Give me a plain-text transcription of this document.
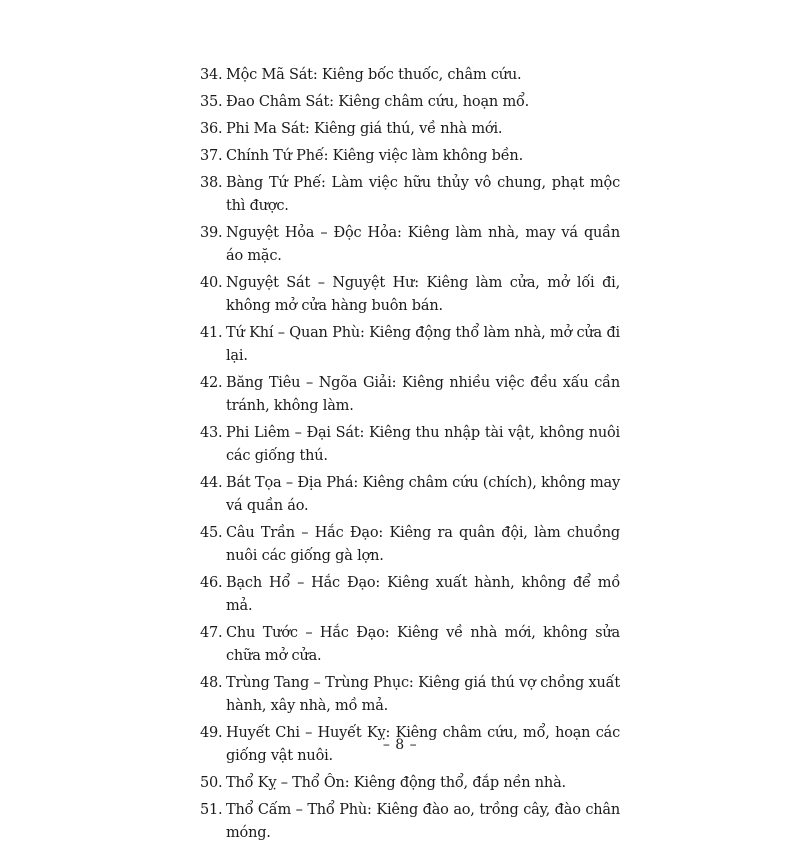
34. Mộc Mã Sát: Kiêng bốc thuốc, châm cứu.
35. Đao Châm Sát: Kiêng châm cứu, hoạn mổ.
36. Phi Ma Sát: Kiêng giá thú, về nhà mới.
37. Chính Tứ Phế: Kiêng việc làm không bền.
38. Bàng Tứ Phế: Làm việc hữu thủy vô chung, phạt mộc thì được.
39. Nguyệt Hỏa – Độc Hỏa: Kiêng làm nhà, may vá quần áo mặc.
40. Nguyệt Sát – Nguyệt Hư: Kiêng làm cửa, mở lối đi, không mở cửa hàng buôn bán.
41. Tứ Khí – Quan Phù: Kiêng động thổ làm nhà, mở cửa đi lại.
42. Băng Tiêu – Ngõa Giải: Kiêng nhiều việc đều xấu cần tránh, không làm.
43. Phi Liêm – Đại Sát: Kiêng thu nhập tài vật, không nuôi các giống thú.
44. Bát Tọa – Địa Phá: Kiêng châm cứu (chích), không may vá quần áo.
45. Câu Trần – Hắc Đạo: Kiêng ra quân đội, làm chuồng nuôi các giống gà lợn.
46. Bạch Hổ – Hắc Đạo: Kiêng xuất hành, không để mồ mả.
47. Chu Tước – Hắc Đạo: Kiêng về nhà mới, không sửa chữa mở cửa.
48. Trùng Tang – Trùng Phục: Kiêng giá thú vợ chồng xuất hành, xây nhà, mồ mả.
49. Huyết Chi – Huyết Kỵ: Kiêng châm cứu, mổ, hoạn các giống vật nuôi.
50. Thổ Kỵ – Thổ Ôn: Kiêng động thổ, đắp nền nhà.
51. Thổ Cấm – Thổ Phù: Kiêng đào ao, trồng cây, đào chân móng.
– 8 –
